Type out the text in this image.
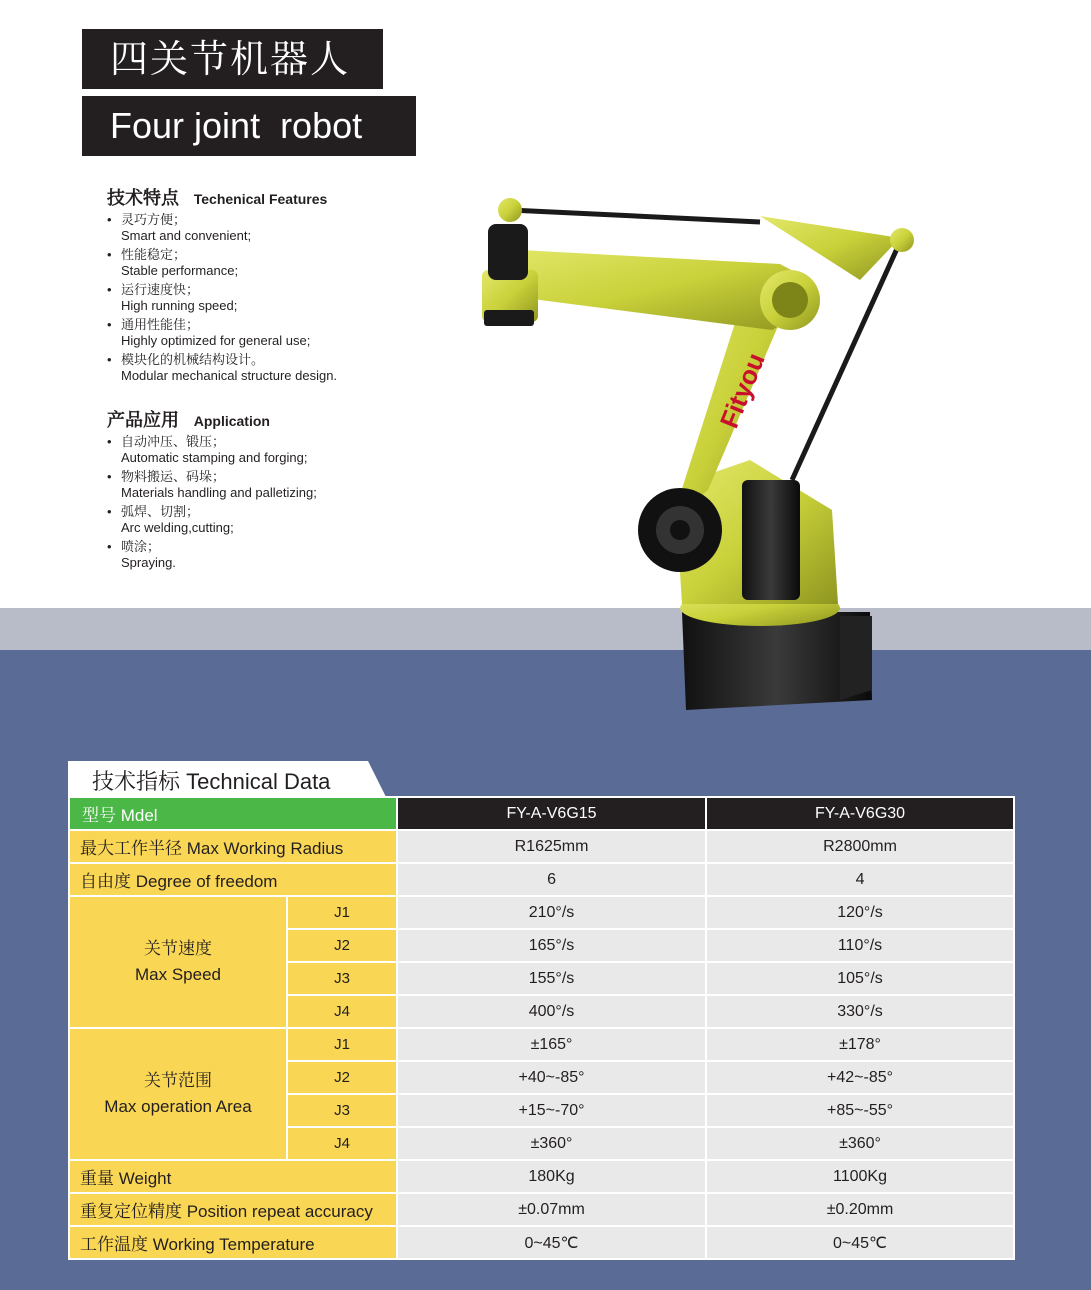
四关节机器人
Four joint  robot
技术特点 Techenical Features
• 灵巧方便；
Smart and convenient;
• 性能稳定；
Stable performance;
• 运行速度快；
High running speed;
• 通用性能佳；
Highly optimized for general use;
• 模块化的机械结构设计。
Modular mechanical structure design.
产品应用 Application
• 自动冲压、锻压；
Automatic stamping and forging;
• 物料搬运、码垛；
Materials handling and palletizing;
• 弧焊、切割；
Arc welding,cutting;
• 喷涂；
Spraying.
Fityou
技术指标 Technical Data
型号 Mdel		FY-A-V6G15	FY-A-V6G30
最大工作半径 Max Working Radius		R1625mm	R2800mm
自由度 Degree of freedom		6	4
关节速度
Max Speed	J1	210°/s	120°/s
	J2	165°/s	110°/s
	J3	155°/s	105°/s
	J4	400°/s	330°/s
关节范围
Max operation Area	J1	±165°	±178°
	J2	+40~-85°	+42~-85°
	J3	+15~-70°	+85~-55°
	J4	±360°	±360°
重量 Weight		180Kg	1100Kg
重复定位精度 Position repeat accuracy		±0.07mm	±0.20mm
工作温度 Working Temperature		0~45℃	0~45℃
